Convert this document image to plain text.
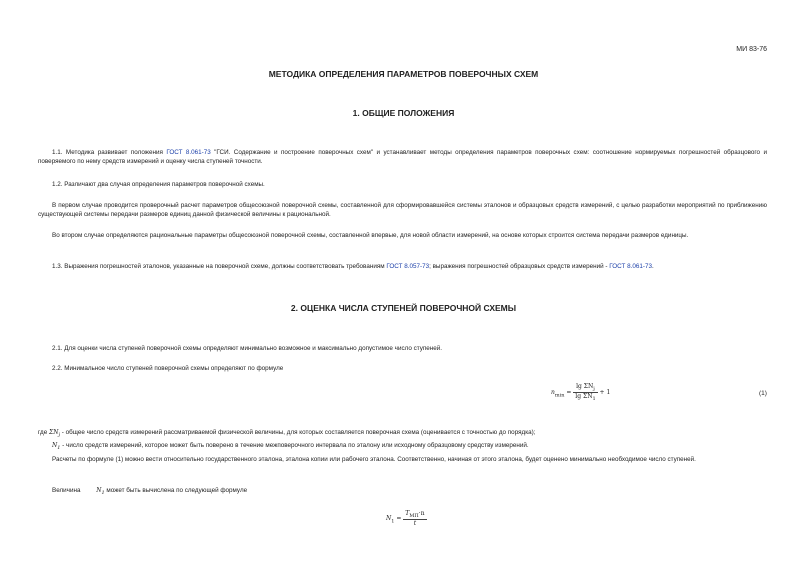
МИ 83-76
МЕТОДИКА ОПРЕДЕЛЕНИЯ ПАРАМЕТРОВ ПОВЕРОЧНЫХ СХЕМ
1. ОБЩИЕ ПОЛОЖЕНИЯ
1.1. Методика развивает положения ГОСТ 8.061-73 "ГСИ. Содержание и построение поверочных схем" и устанавливает методы определения параметров поверочных схем: соотношение нормируемых погрешностей образцового и поверяемого по нему средств измерений и оценку числа ступеней точности.
1.2. Различают два случая определения параметров поверочной схемы.
В первом случае проводится проверочный расчет параметров общесоюзной поверочной схемы, составленной для сформировавшейся системы эталонов и образцовых средств измерений, с целью разработки мероприятий по приближению существующей системы передачи размеров единиц данной физической величины к рациональной.
Во втором случае определяются рациональные параметры общесоюзной поверочной схемы, составленной впервые, для новой области измерений, на основе которых строится система передачи размеров единицы.
1.3. Выражения погрешностей эталонов, указанные на поверочной схеме, должны соответствовать требованиям ГОСТ 8.057-73; выражения погрешностей образцовых средств измерений - ГОСТ 8.061-73.
2. ОЦЕНКА ЧИСЛА СТУПЕНЕЙ ПОВЕРОЧНОЙ СХЕМЫ
2.1. Для оценки числа ступеней поверочной схемы определяют минимально возможное и максимально допустимое число ступеней.
2.2. Минимальное число ступеней поверочной схемы определяют по формуле
$n_{min} = \frac{\lg \Sigma N_j}{\lg \Sigma N_1} + 1$	(1)
где $\Sigma N_j$ - общее число средств измерений рассматриваемой физической величины, для которых составляется поверочная схема (оценивается с точностью до порядка);
$N_1$ - число средств измерений, которое может быть поверено в течение межповерочного интервала по эталону или исходному образцовому средству измерений.
Расчеты по формуле (1) можно вести относительно государственного эталона, эталона копии или рабочего эталона. Соответственно, начиная от этого эталона, будет оценено минимально необходимое число ступеней.
Величина $N_1$ может быть вычислена по следующей формуле
$N_1 = \frac{T_{МП}\cdot n}{t}$
